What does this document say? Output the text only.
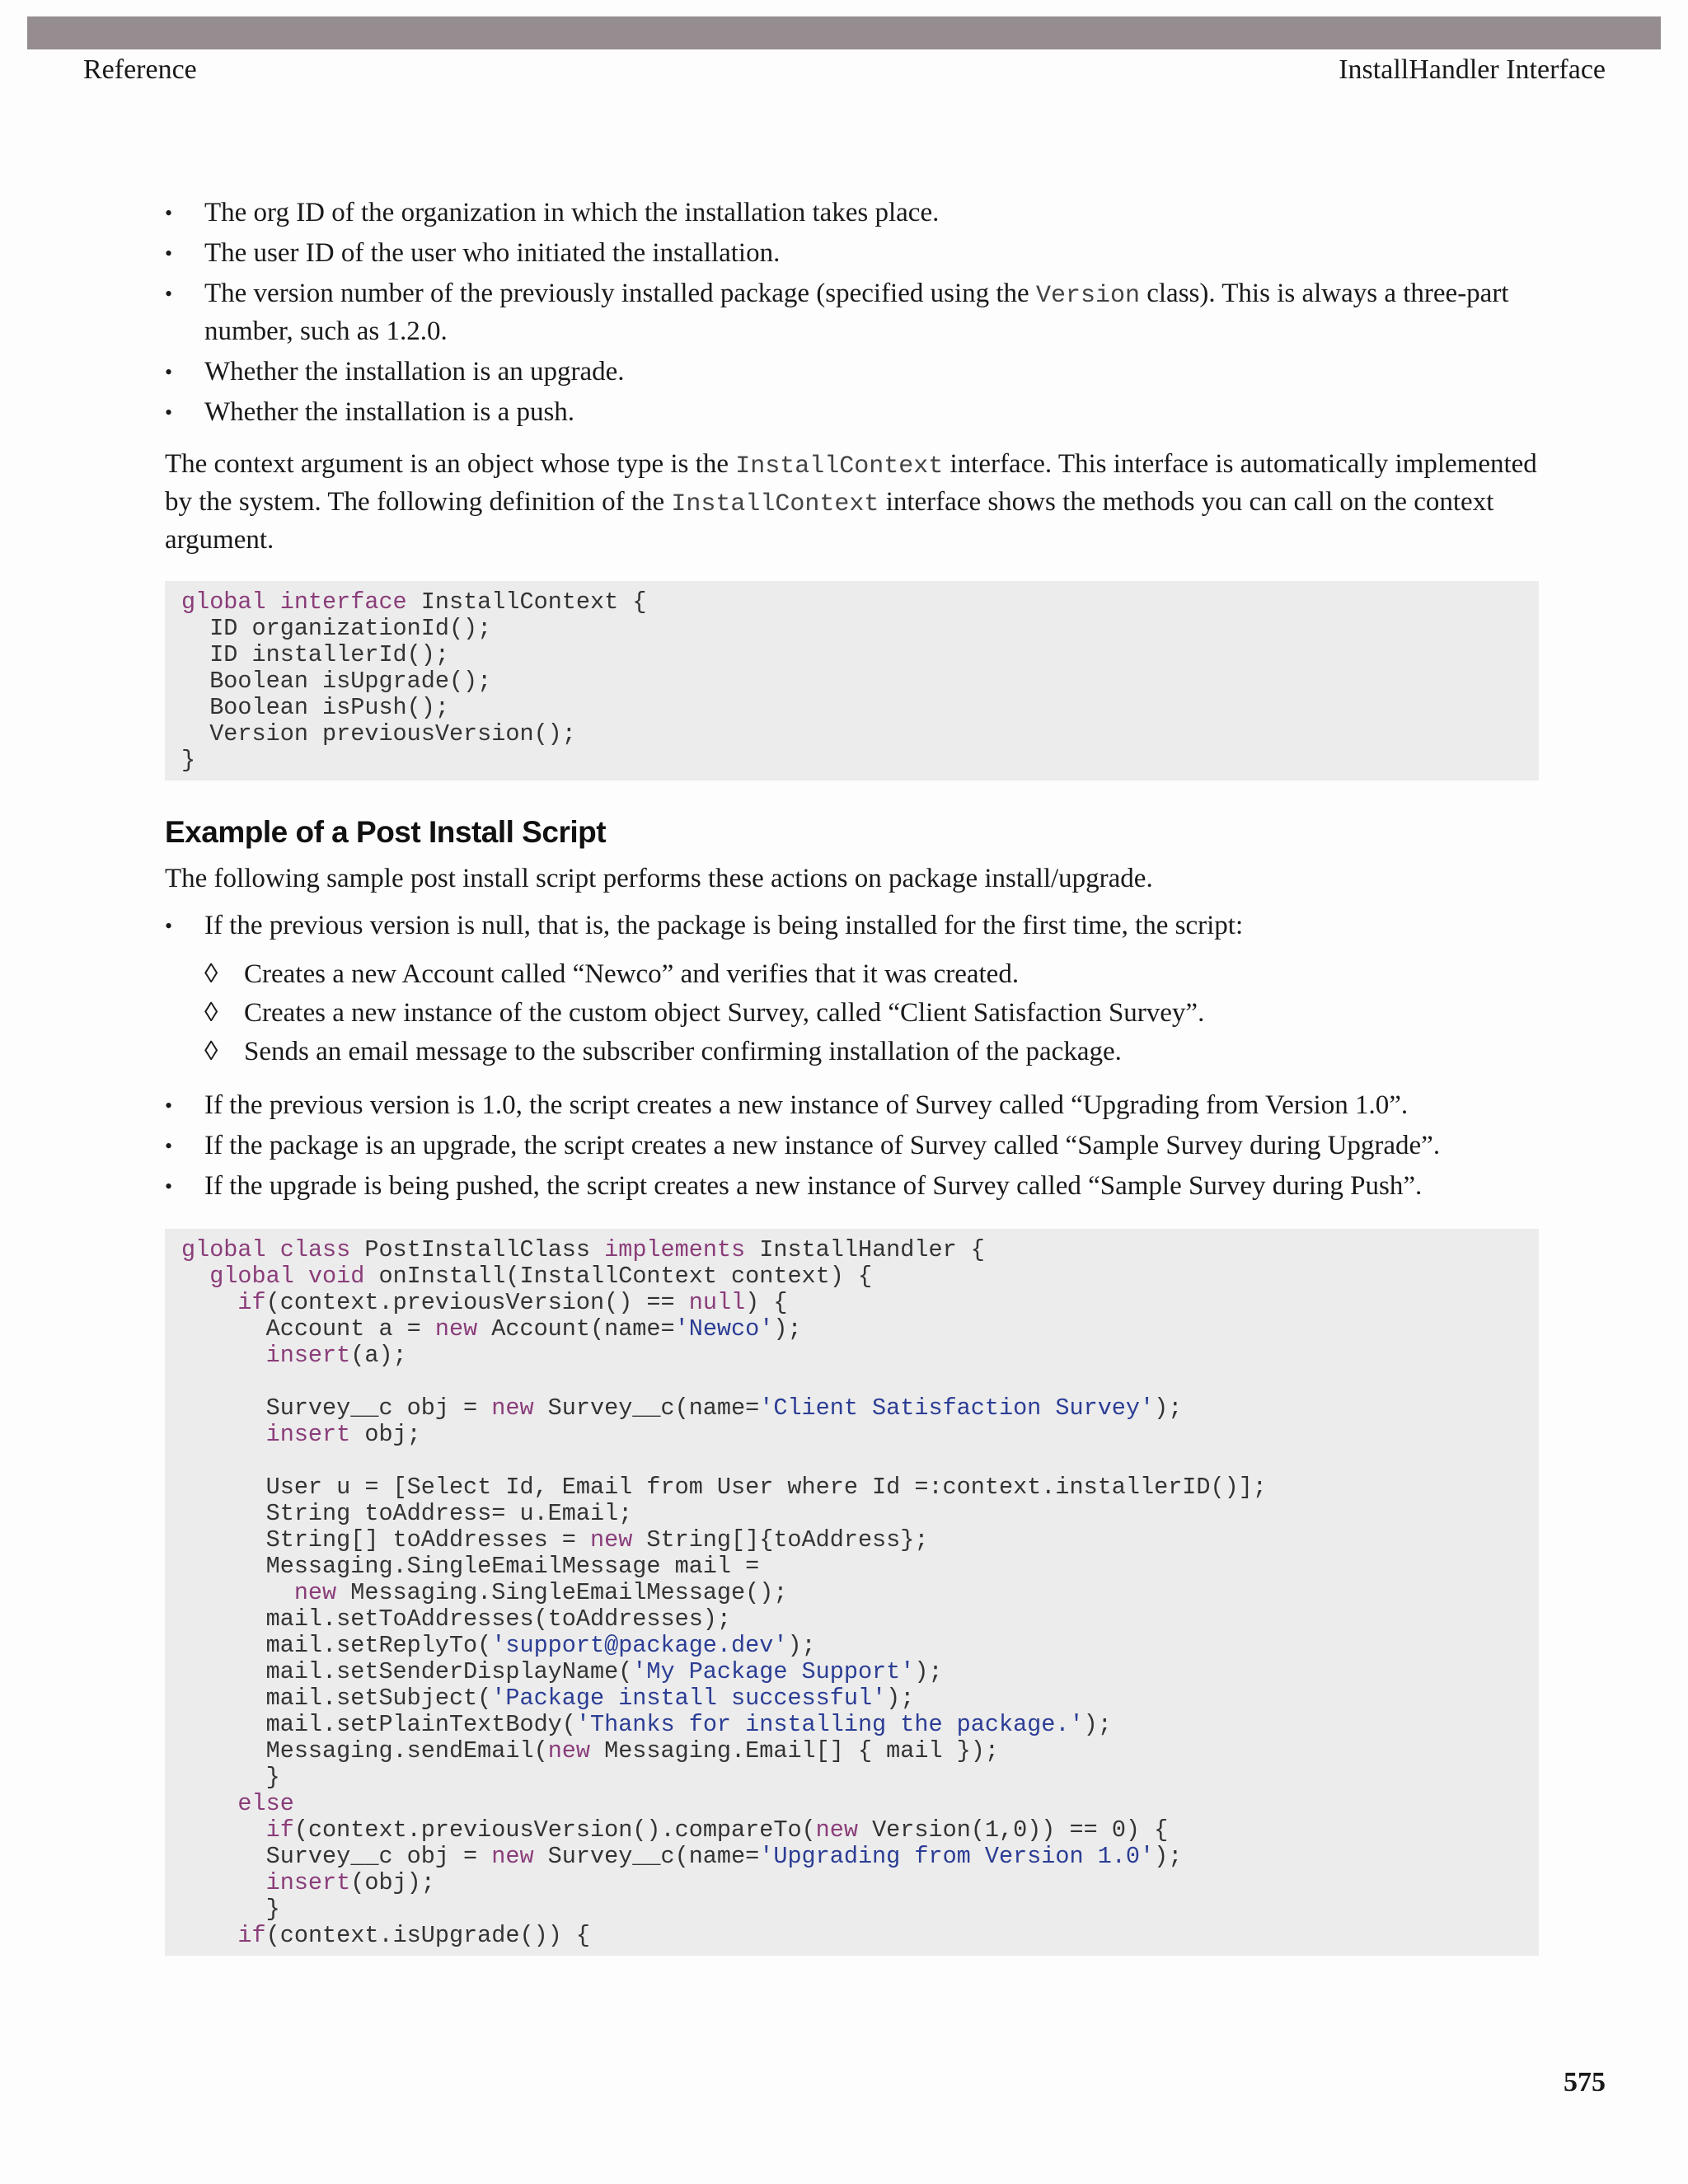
Reference	InstallHandler Interface
• The org ID of the organization in which the installation takes place.
• The user ID of the user who initiated the installation.
• The version number of the previously installed package (specified using the Version class). This is always a three-part number, such as 1.2.0.
• Whether the installation is an upgrade.
• Whether the installation is a push.

The context argument is an object whose type is the InstallContext interface. This interface is automatically implemented by the system. The following definition of the InstallContext interface shows the methods you can call on the context argument.

global interface InstallContext {
ID organizationId();
ID installerId();
Boolean isUpgrade();
Boolean isPush();
Version previousVersion();
}
Example of a Post Install Script

The following sample post install script performs these actions on package install/upgrade.

• If the previous version is null, that is, the package is being installed for the first time, the script:
◊ Creates a new Account called “Newco” and verifies that it was created.
◊ Creates a new instance of the custom object Survey, called “Client Satisfaction Survey”.
◊ Sends an email message to the subscriber confirming installation of the package.
• If the previous version is 1.0, the script creates a new instance of Survey called “Upgrading from Version 1.0”.
• If the package is an upgrade, the script creates a new instance of Survey called “Sample Survey during Upgrade”.
• If the upgrade is being pushed, the script creates a new instance of Survey called “Sample Survey during Push”.
global class PostInstallClass implements InstallHandler {
global void onInstall(InstallContext context) {
if(context.previousVersion() == null) {
Account a = new Account(name='Newco');
insert(a);

Survey__c obj = new Survey__c(name='Client Satisfaction Survey');
insert obj;

User u = [Select Id, Email from User where Id =:context.installerID()];
String toAddress= u.Email;
String[] toAddresses = new String[]{toAddress};
Messaging.SingleEmailMessage mail =
new Messaging.SingleEmailMessage();
mail.setToAddresses(toAddresses);
mail.setReplyTo('support@package.dev');
mail.setSenderDisplayName('My Package Support');
mail.setSubject('Package install successful');
mail.setPlainTextBody('Thanks for installing the package.');
Messaging.sendEmail(new Messaging.Email[] { mail });
}
else
if(context.previousVersion().compareTo(new Version(1,0)) == 0) {
Survey__c obj = new Survey__c(name='Upgrading from Version 1.0');
insert(obj);
}
if(context.isUpgrade()) {
575
